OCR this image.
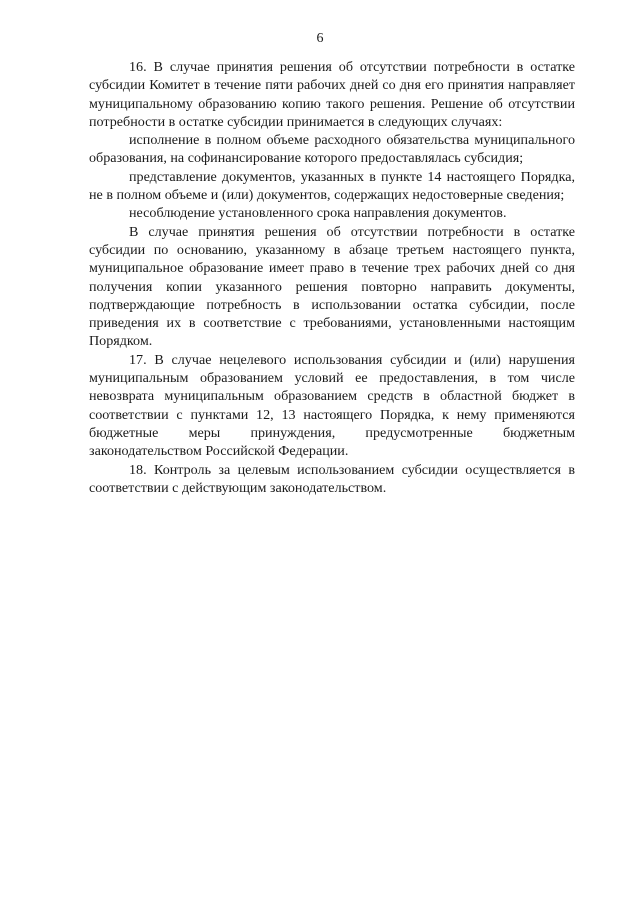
6

16. В случае принятия решения об отсутствии потребности в остатке субсидии Комитет в течение пяти рабочих дней со дня его принятия направляет муниципальному образованию копию такого решения. Решение об отсутствии потребности в остатке субсидии принимается в следующих случаях:

исполнение в полном объеме расходного обязательства муниципального образования, на софинансирование которого предоставлялась субсидия;

представление документов, указанных в пункте 14 настоящего Порядка, не в полном объеме и (или) документов, содержащих недостоверные сведения;

несоблюдение установленного срока направления документов.

В случае принятия решения об отсутствии потребности в остатке субсидии по основанию, указанному в абзаце третьем настоящего пункта, муниципальное образование имеет право в течение трех рабочих дней со дня получения копии указанного решения повторно направить документы, подтверждающие потребность в использовании остатка субсидии, после приведения их в соответствие с требованиями, установленными настоящим Порядком.

17. В случае нецелевого использования субсидии и (или) нарушения муниципальным образованием условий ее предоставления, в том числе невозврата муниципальным образованием средств в областной бюджет в соответствии с пунктами 12, 13 настоящего Порядка, к нему применяются бюджетные меры принуждения, предусмотренные бюджетным законодательством Российской Федерации.

18. Контроль за целевым использованием субсидии осуществляется в соответствии с действующим законодательством.
